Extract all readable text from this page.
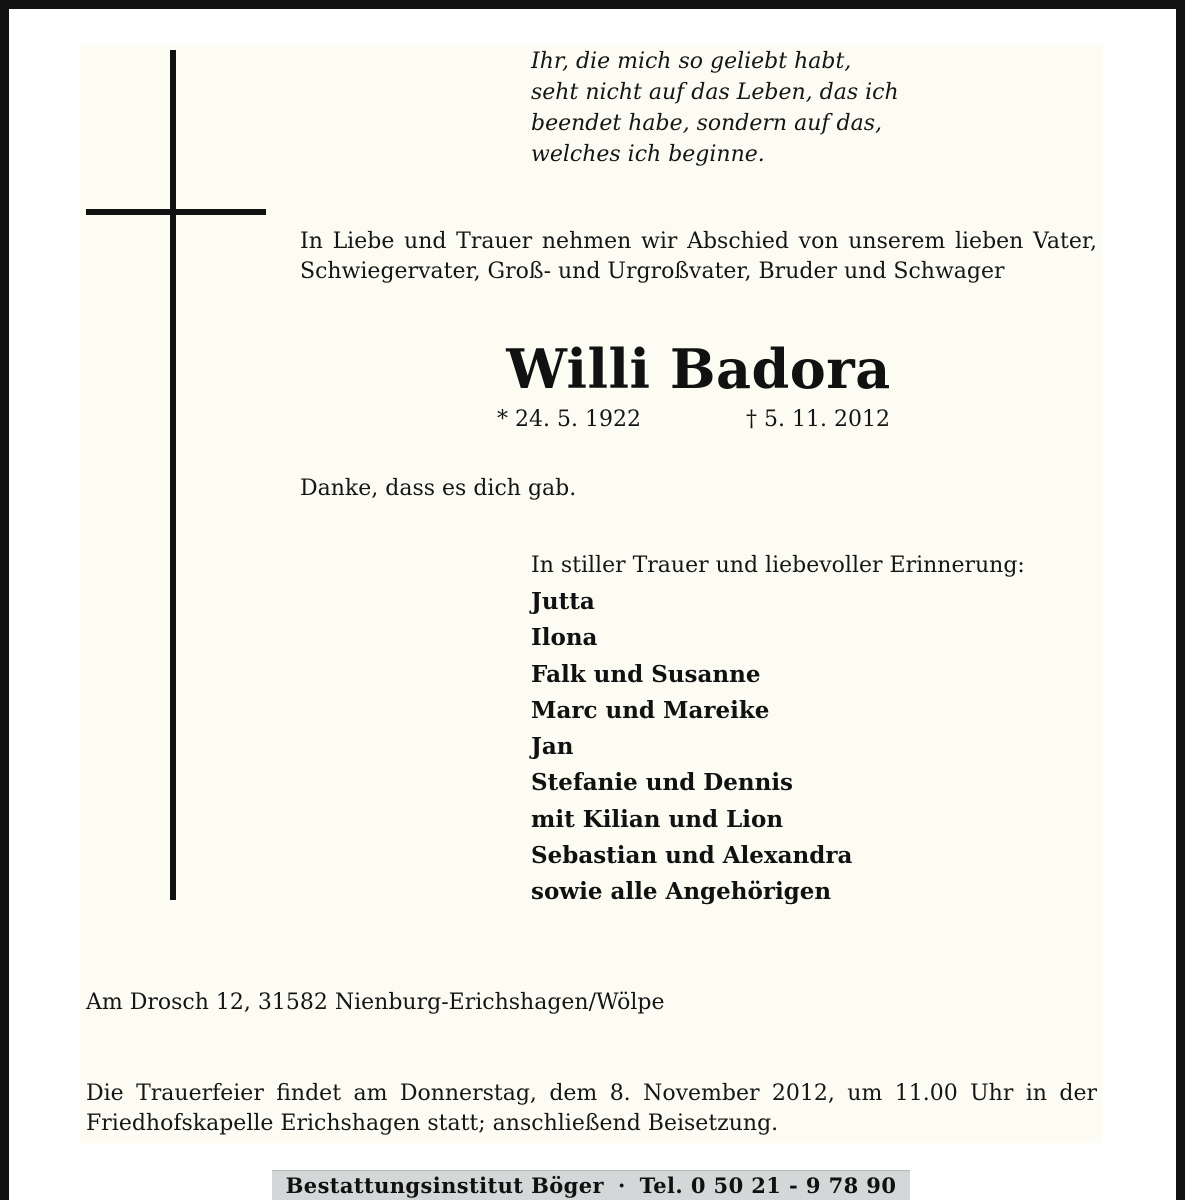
Ihr, die mich so geliebt habt,
seht nicht auf das Leben, das ich
beendet habe, sondern auf das,
welches ich beginne.
In Liebe und Trauer nehmen wir Abschied von unserem lieben Vater, Schwiegervater, Groß- und Urgroßvater, Bruder und Schwager
Willi Badora
* 24. 5. 1922	† 5. 11. 2012
Danke, dass es dich gab.
In stiller Trauer und liebevoller Erinnerung:
Jutta
Ilona
Falk und Susanne
Marc und Mareike
Jan
Stefanie und Dennis
mit Kilian und Lion
Sebastian und Alexandra
sowie alle Angehörigen
Am Drosch 12, 31582 Nienburg-Erichshagen/Wölpe
Die Trauerfeier findet am Donnerstag, dem 8. November 2012, um 11.00 Uhr in der Friedhofskapelle Erichshagen statt; anschließend Beisetzung.
Bestattungsinstitut Böger · Tel. 0 50 21 - 9 78 90
